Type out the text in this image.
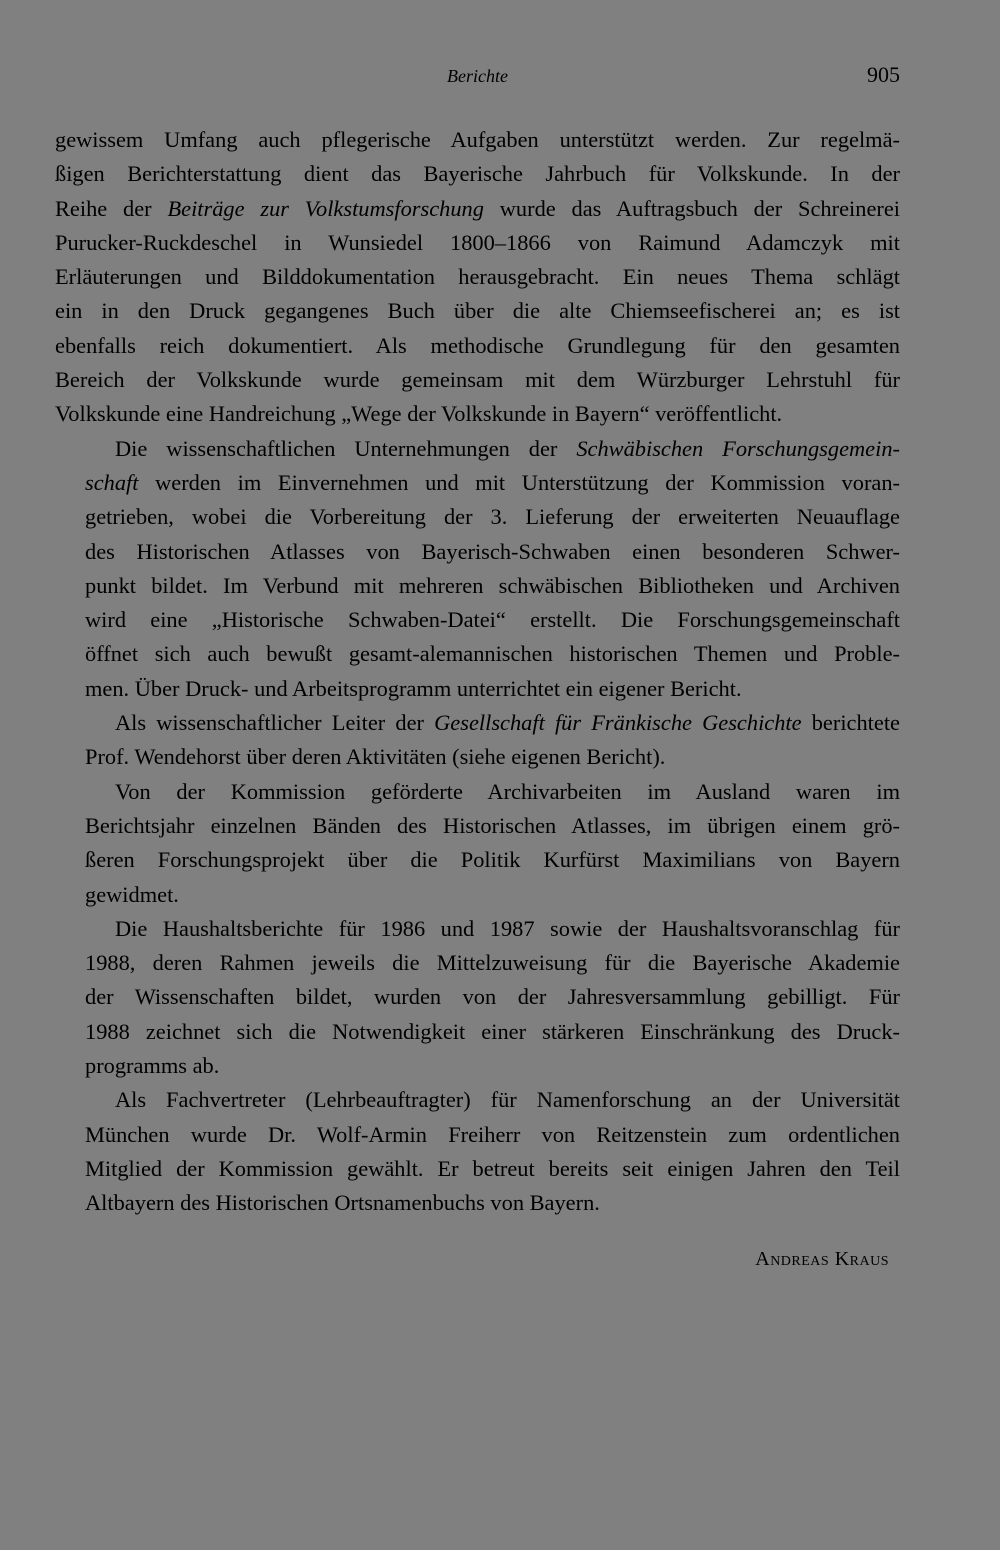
Berichte	905
gewissem Umfang auch pflegerische Aufgaben unterstützt werden. Zur regelmä-
ßigen Berichterstattung dient das Bayerische Jahrbuch für Volkskunde. In der
Reihe der Beiträge zur Volkstumsforschung wurde das Auftragsbuch der Schreinerei
Purucker-Ruckdeschel in Wunsiedel 1800–1866 von Raimund Adamczyk mit
Erläuterungen und Bilddokumentation herausgebracht. Ein neues Thema schlägt
ein in den Druck gegangenes Buch über die alte Chiemseefischerei an; es ist
ebenfalls reich dokumentiert. Als methodische Grundlegung für den gesamten
Bereich der Volkskunde wurde gemeinsam mit dem Würzburger Lehrstuhl für
Volkskunde eine Handreichung „Wege der Volkskunde in Bayern“ veröffentlicht.
Die wissenschaftlichen Unternehmungen der Schwäbischen Forschungsgemein-
schaft werden im Einvernehmen und mit Unterstützung der Kommission voran-
getrieben, wobei die Vorbereitung der 3. Lieferung der erweiterten Neuauflage
des Historischen Atlasses von Bayerisch-Schwaben einen besonderen Schwer-
punkt bildet. Im Verbund mit mehreren schwäbischen Bibliotheken und Archiven
wird eine „Historische Schwaben-Datei“ erstellt. Die Forschungsgemeinschaft
öffnet sich auch bewußt gesamt-alemannischen historischen Themen und Proble-
men. Über Druck- und Arbeitsprogramm unterrichtet ein eigener Bericht.
Als wissenschaftlicher Leiter der Gesellschaft für Fränkische Geschichte berichtete
Prof. Wendehorst über deren Aktivitäten (siehe eigenen Bericht).
Von der Kommission geförderte Archivarbeiten im Ausland waren im
Berichtsjahr einzelnen Bänden des Historischen Atlasses, im übrigen einem grö-
ßeren Forschungsprojekt über die Politik Kurfürst Maximilians von Bayern
gewidmet.
Die Haushaltsberichte für 1986 und 1987 sowie der Haushaltsvoranschlag für
1988, deren Rahmen jeweils die Mittelzuweisung für die Bayerische Akademie
der Wissenschaften bildet, wurden von der Jahresversammlung gebilligt. Für
1988 zeichnet sich die Notwendigkeit einer stärkeren Einschränkung des Druck-
programms ab.
Als Fachvertreter (Lehrbeauftragter) für Namenforschung an der Universität
München wurde Dr. Wolf-Armin Freiherr von Reitzenstein zum ordentlichen
Mitglied der Kommission gewählt. Er betreut bereits seit einigen Jahren den Teil
Altbayern des Historischen Ortsnamenbuchs von Bayern.
Andreas Kraus
